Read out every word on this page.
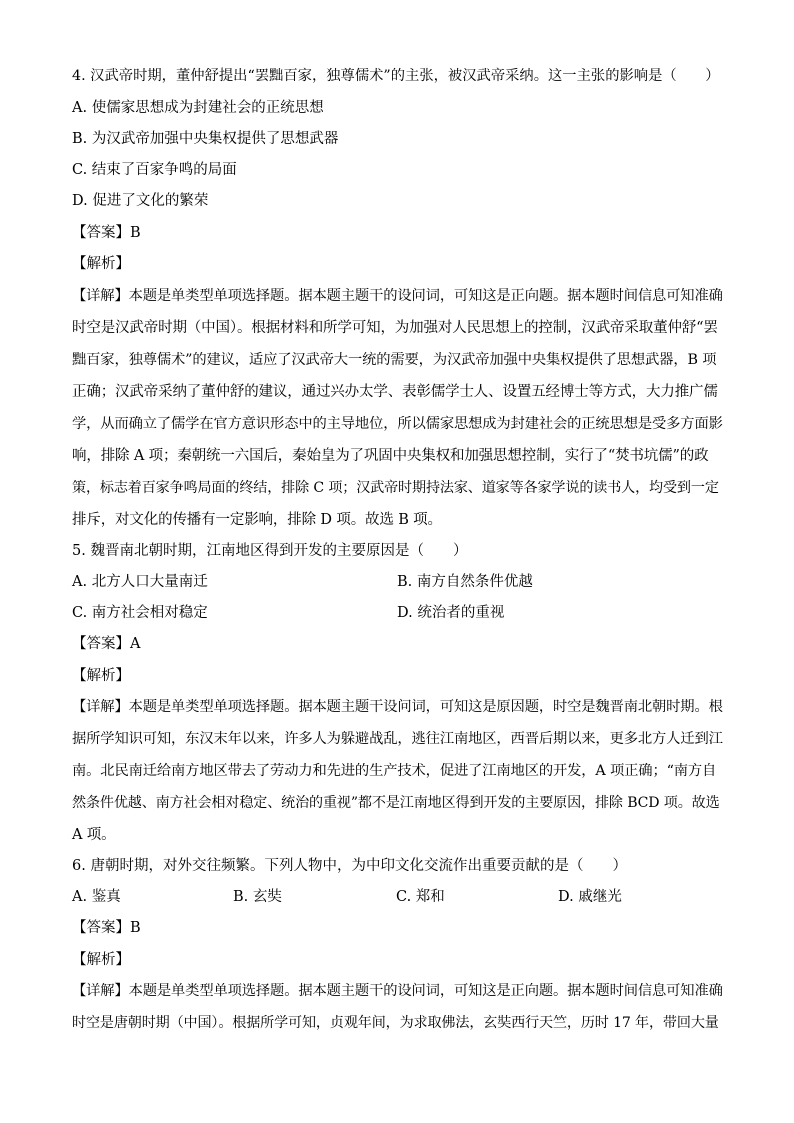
4. 汉武帝时期，董仲舒提出“罢黜百家，独尊儒术”的主张，被汉武帝采纳。这一主张的影响是（　　）
A. 使儒家思想成为封建社会的正统思想
B. 为汉武帝加强中央集权提供了思想武器
C. 结束了百家争鸣的局面
D. 促进了文化的繁荣
【答案】B
【解析】
【详解】本题是单类型单项选择题。据本题主题干的设问词，可知这是正向题。据本题时间信息可知准确
时空是汉武帝时期（中国）。根据材料和所学可知，为加强对人民思想上的控制，汉武帝采取董仲舒“罢
黜百家，独尊儒术”的建议，适应了汉武帝大一统的需要，为汉武帝加强中央集权提供了思想武器，B 项
正确；汉武帝采纳了董仲舒的建议，通过兴办太学、表彰儒学士人、设置五经博士等方式，大力推广儒
学，从而确立了儒学在官方意识形态中的主导地位，所以儒家思想成为封建社会的正统思想是受多方面影
响，排除 A 项；秦朝统一六国后，秦始皇为了巩固中央集权和加强思想控制，实行了“焚书坑儒”的政
策，标志着百家争鸣局面的终结，排除 C 项；汉武帝时期持法家、道家等各家学说的读书人，均受到一定
排斥，对文化的传播有一定影响，排除 D 项。故选 B 项。
5. 魏晋南北朝时期，江南地区得到开发的主要原因是（　　）
A. 北方人口大量南迁	B. 南方自然条件优越
C. 南方社会相对稳定	D. 统治者的重视
【答案】A
【解析】
【详解】本题是单类型单项选择题。据本题主题干设问词，可知这是原因题，时空是魏晋南北朝时期。根
据所学知识可知，东汉末年以来，许多人为躲避战乱，逃往江南地区，西晋后期以来，更多北方人迁到江
南。北民南迁给南方地区带去了劳动力和先进的生产技术，促进了江南地区的开发，A 项正确；“南方自
然条件优越、南方社会相对稳定、统治的重视”都不是江南地区得到开发的主要原因，排除 BCD 项。故选
A 项。
6. 唐朝时期，对外交往频繁。下列人物中，为中印文化交流作出重要贡献的是（　　）
A. 鉴真	B. 玄奘	C. 郑和	D. 戚继光
【答案】B
【解析】
【详解】本题是单类型单项选择题。据本题主题干的设问词，可知这是正向题。据本题时间信息可知准确
时空是唐朝时期（中国）。根据所学可知，贞观年间，为求取佛法，玄奘西行天竺，历时 17 年，带回大量
